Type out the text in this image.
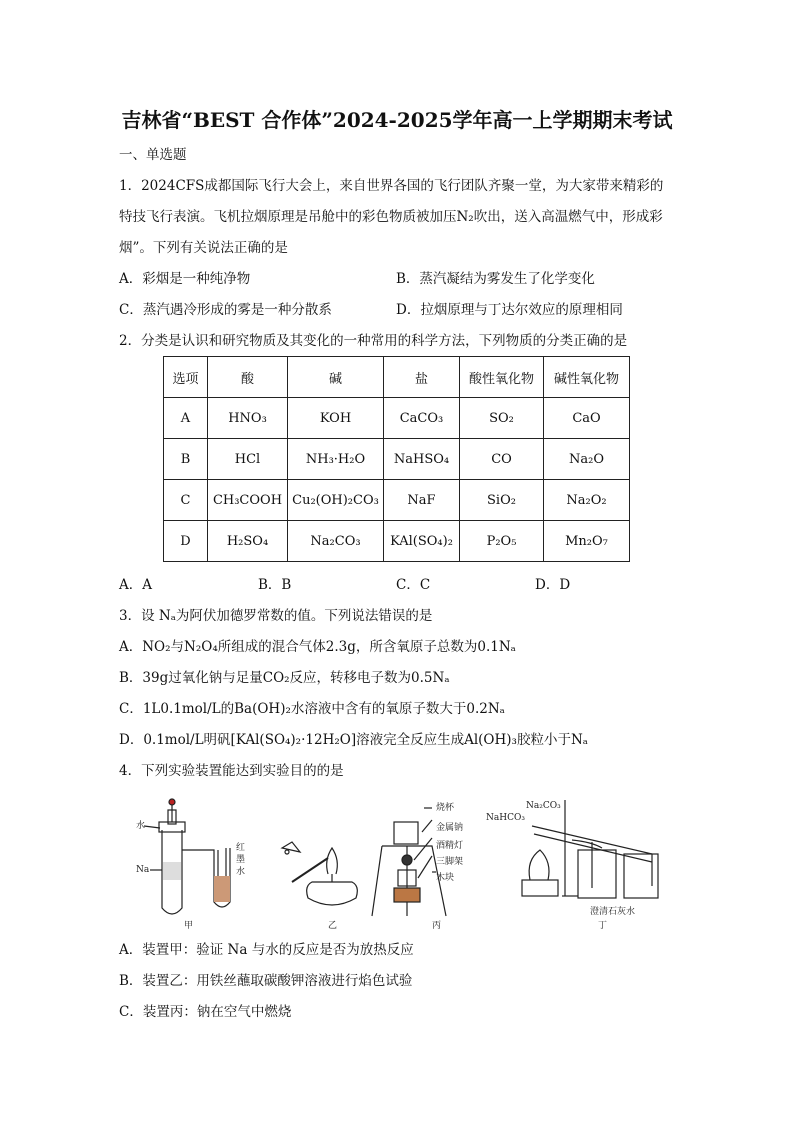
吉林省“BEST 合作体”2024-2025学年高一上学期期末考试
一、单选题
1．2024CFS成都国际飞行大会上，来自世界各国的飞行团队齐聚一堂，为大家带来精彩的
特技飞行表演。飞机拉烟原理是吊舱中的彩色物质被加压N₂吹出，送入高温燃气中，形成彩
烟”。下列有关说法正确的是
A．彩烟是一种纯净物	B．蒸汽凝结为雾发生了化学变化
C．蒸汽遇冷形成的雾是一种分散系	D．拉烟原理与丁达尔效应的原理相同
2．分类是认识和研究物质及其变化的一种常用的科学方法，下列物质的分类正确的是
选项	酸	碱	盐	酸性氧化物	碱性氧化物
A	HNO₃	KOH	CaCO₃	SO₂	CaO
B	HCl	NH₃·H₂O	NaHSO₄	CO	Na₂O
C	CH₃COOH	Cu₂(OH)₂CO₃	NaF	SiO₂	Na₂O₂
D	H₂SO₄	Na₂CO₃	KAl(SO₄)₂	P₂O₅	Mn₂O₇
A．A	B．B	C．C	D．D
3．设 Nₐ为阿伏加德罗常数的值。下列说法错误的是
A．NO₂与N₂O₄所组成的混合气体2.3g，所含氧原子总数为0.1Nₐ
B．39g过氧化钠与足量CO₂反应，转移电子数为0.5Nₐ
C．1L0.1mol/L的Ba(OH)₂水溶液中含有的氧原子数大于0.2Nₐ
D．0.1mol/L明矾[KAl(SO₄)₂·12H₂O]溶液完全反应生成Al(OH)₃胶粒小于Nₐ
4．下列实验装置能达到实验目的的是
水
Na
红
墨
水
甲	乙
烧杯
金属钠
酒精灯
三脚架
木块
丙
Na₂CO₃
NaHCO₃
澄清石灰水
丁
A．装置甲：验证 Na 与水的反应是否为放热反应
B．装置乙：用铁丝蘸取碳酸钾溶液进行焰色试验
C．装置丙：钠在空气中燃烧
